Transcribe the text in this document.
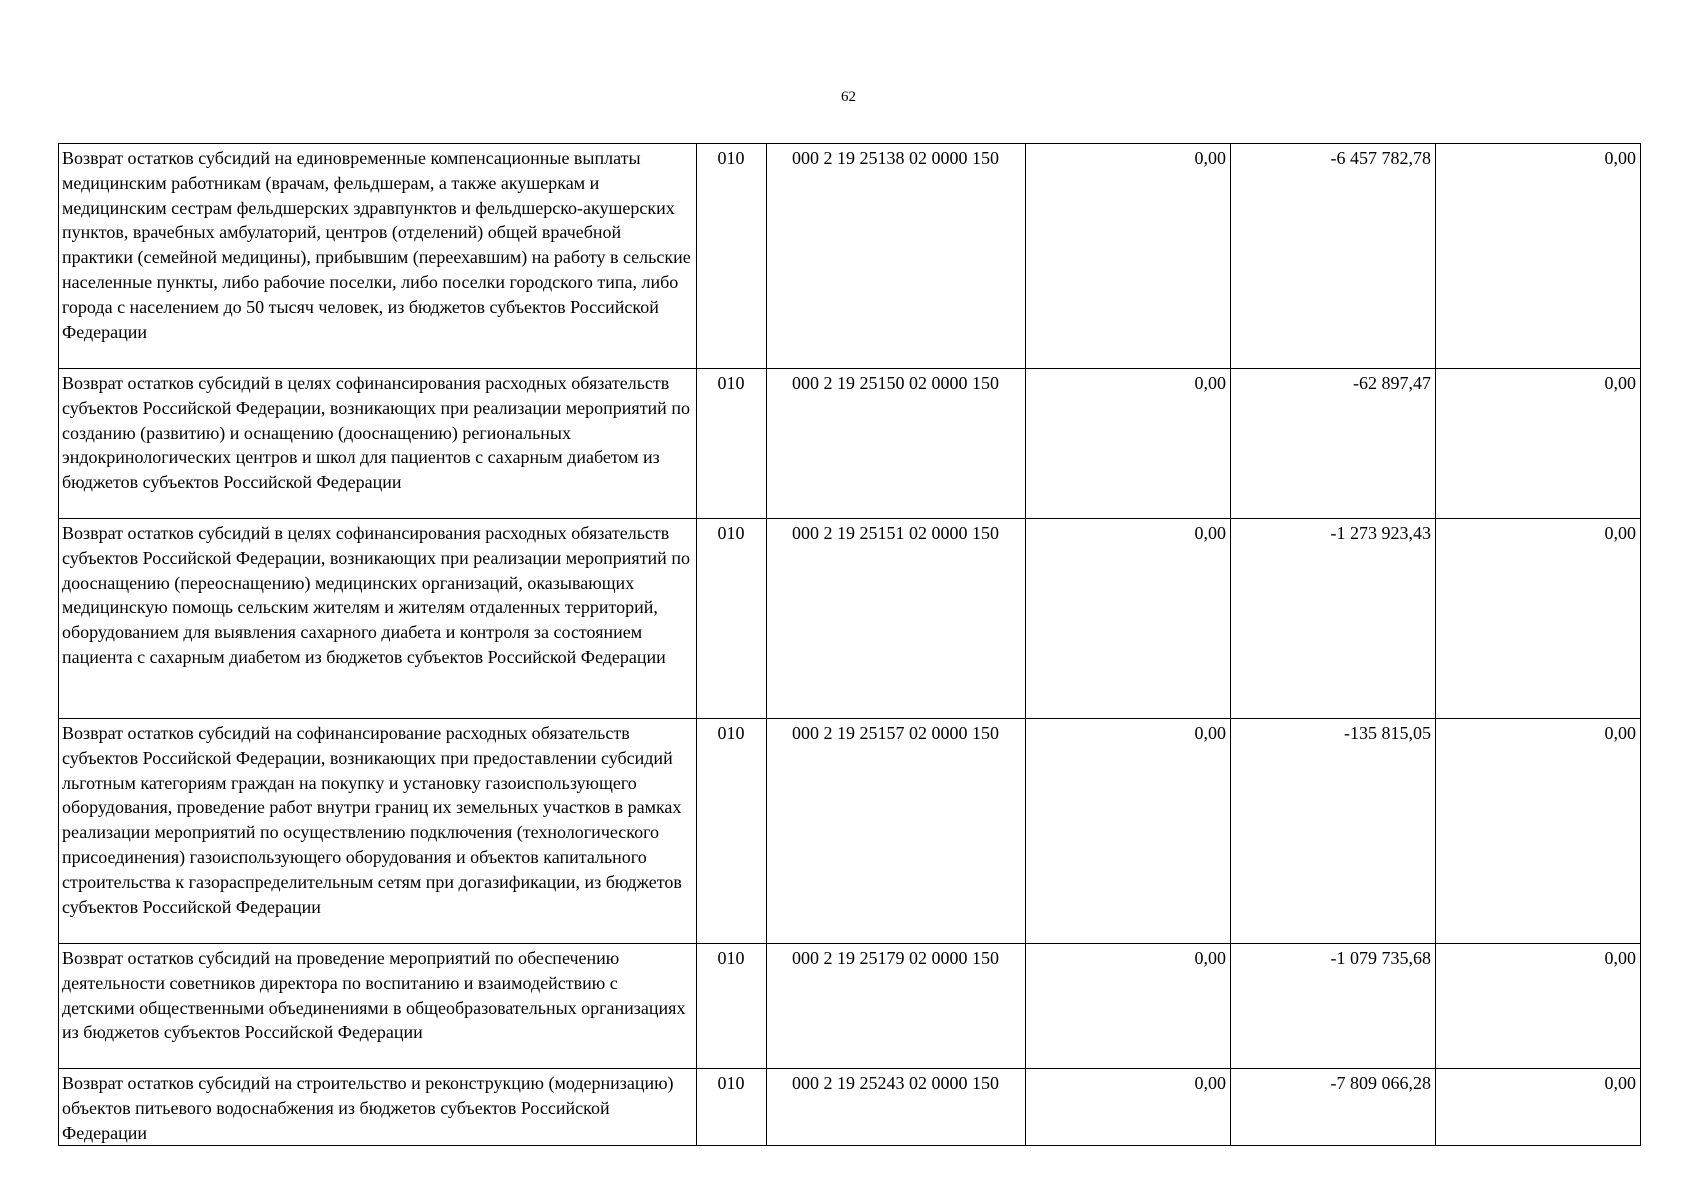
62
Возврат остатков субсидий на единовременные компенсационные выплаты медицинским работникам (врачам, фельдшерам, а также акушеркам и медицинским сестрам фельдшерских здравпунктов и фельдшерско-акушерских пунктов, врачебных амбулаторий, центров (отделений) общей врачебной практики (семейной медицины), прибывшим (переехавшим) на работу в сельские населенные пункты, либо рабочие поселки, либо поселки городского типа, либо города с населением до 50 тысяч человек, из бюджетов субъектов Российской Федерации	010	000 2 19 25138 02 0000 150	0,00	-6 457 782,78	0,00
Возврат остатков субсидий в целях софинансирования расходных обязательств субъектов Российской Федерации, возникающих при реализации мероприятий по созданию (развитию) и оснащению (дооснащению) региональных эндокринологических центров и школ для пациентов с сахарным диабетом из бюджетов субъектов Российской Федерации	010	000 2 19 25150 02 0000 150	0,00	-62 897,47	0,00
Возврат остатков субсидий в целях софинансирования расходных обязательств субъектов Российской Федерации, возникающих при реализации мероприятий по дооснащению (переоснащению) медицинских организаций, оказывающих медицинскую помощь сельским жителям и жителям отдаленных территорий, оборудованием для выявления сахарного диабета и контроля за состоянием пациента с сахарным диабетом из бюджетов субъектов Российской Федерации	010	000 2 19 25151 02 0000 150	0,00	-1 273 923,43	0,00
Возврат остатков субсидий на софинансирование расходных обязательств субъектов Российской Федерации, возникающих при предоставлении субсидий льготным категориям граждан на покупку и установку газоиспользующего оборудования, проведение работ внутри границ их земельных участков в рамках реализации мероприятий по осуществлению подключения (технологического присоединения) газоиспользующего оборудования и объектов капитального строительства к газораспределительным сетям при догазификации, из бюджетов субъектов Российской Федерации	010	000 2 19 25157 02 0000 150	0,00	-135 815,05	0,00
Возврат остатков субсидий на проведение мероприятий по обеспечению деятельности советников директора по воспитанию и взаимодействию с детскими общественными объединениями в общеобразовательных организациях из бюджетов субъектов Российской Федерации	010	000 2 19 25179 02 0000 150	0,00	-1 079 735,68	0,00
Возврат остатков субсидий на строительство и реконструкцию (модернизацию) объектов питьевого водоснабжения из бюджетов субъектов Российской Федерации	010	000 2 19 25243 02 0000 150	0,00	-7 809 066,28	0,00
